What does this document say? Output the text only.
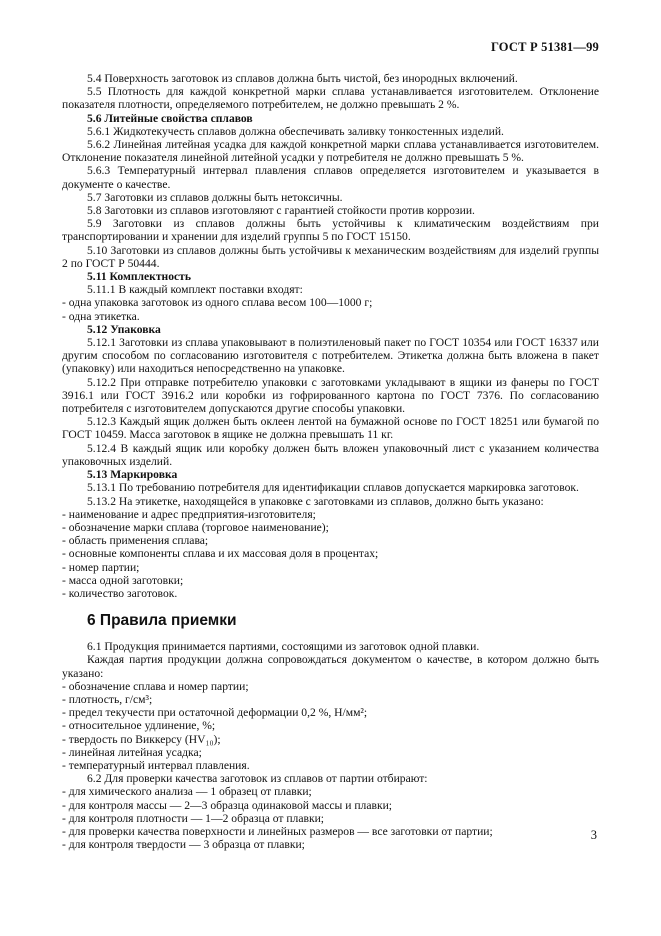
ГОСТ Р 51381—99

5.4 Поверхность заготовок из сплавов должна быть чистой, без инородных включений.

5.5 Плотность для каждой конкретной марки сплава устанавливается изготовителем. Отклонение показателя плотности, определяемого потребителем, не должно превышать 2 %.

5.6 Литейные свойства сплавов

5.6.1 Жидкотекучесть сплавов должна обеспечивать заливку тонкостенных изделий.

5.6.2 Линейная литейная усадка для каждой конкретной марки сплава устанавливается изготовителем. Отклонение показателя линейной литейной усадки у потребителя не должно превышать 5 %.

5.6.3 Температурный интервал плавления сплавов определяется изготовителем и указывается в документе о качестве.

5.7 Заготовки из сплавов должны быть нетоксичны.

5.8 Заготовки из сплавов изготовляют с гарантией стойкости против коррозии.

5.9 Заготовки из сплавов должны быть устойчивы к климатическим воздействиям при транспортировании и хранении для изделий группы 5 по ГОСТ 15150.

5.10 Заготовки из сплавов должны быть устойчивы к механическим воздействиям для изделий группы 2 по ГОСТ Р 50444.

5.11 Комплектность

5.11.1 В каждый комплект поставки входят:

- одна упаковка заготовок из одного сплава весом 100—1000 г;

- одна этикетка.

5.12 Упаковка

5.12.1 Заготовки из сплава упаковывают в полиэтиленовый пакет по ГОСТ 10354 или ГОСТ 16337 или другим способом по согласованию изготовителя с потребителем. Этикетка должна быть вложена в пакет (упаковку) или находиться непосредственно на упаковке.

5.12.2 При отправке потребителю упаковки с заготовками укладывают в ящики из фанеры по ГОСТ 3916.1 или ГОСТ 3916.2 или коробки из гофрированного картона по ГОСТ 7376. По согласованию потребителя с изготовителем допускаются другие способы упаковки.

5.12.3 Каждый ящик должен быть оклеен лентой на бумажной основе по ГОСТ 18251 или бумагой по ГОСТ 10459. Масса заготовок в ящике не должна превышать 11 кг.

5.12.4 В каждый ящик или коробку должен быть вложен упаковочный лист с указанием количества упаковочных изделий.

5.13 Маркировка

5.13.1 По требованию потребителя для идентификации сплавов допускается маркировка заготовок.

5.13.2 На этикетке, находящейся в упаковке с заготовками из сплавов, должно быть указано:

- наименование и адрес предприятия-изготовителя;

- обозначение марки сплава (торговое наименование);

- область применения сплава;

- основные компоненты сплава и их массовая доля в процентах;

- номер партии;

- масса одной заготовки;

- количество заготовок.

6 Правила приемки

6.1 Продукция принимается партиями, состоящими из заготовок одной плавки.

Каждая партия продукции должна сопровождаться документом о качестве, в котором должно быть указано:

- обозначение сплава и номер партии;

- плотность, г/см³;

- предел текучести при остаточной деформации 0,2 %, Н/мм²;

- относительное удлинение, %;

- твердость по Виккерсу (HV₁₀);

- линейная литейная усадка;

- температурный интервал плавления.

6.2 Для проверки качества заготовок из сплавов от партии отбирают:

- для химического анализа — 1 образец от плавки;

- для контроля массы — 2—3 образца одинаковой массы и плавки;

- для контроля плотности — 1—2 образца от плавки;

- для проверки качества поверхности и линейных размеров — все заготовки от партии;

- для контроля твердости — 3 образца от плавки;

3
